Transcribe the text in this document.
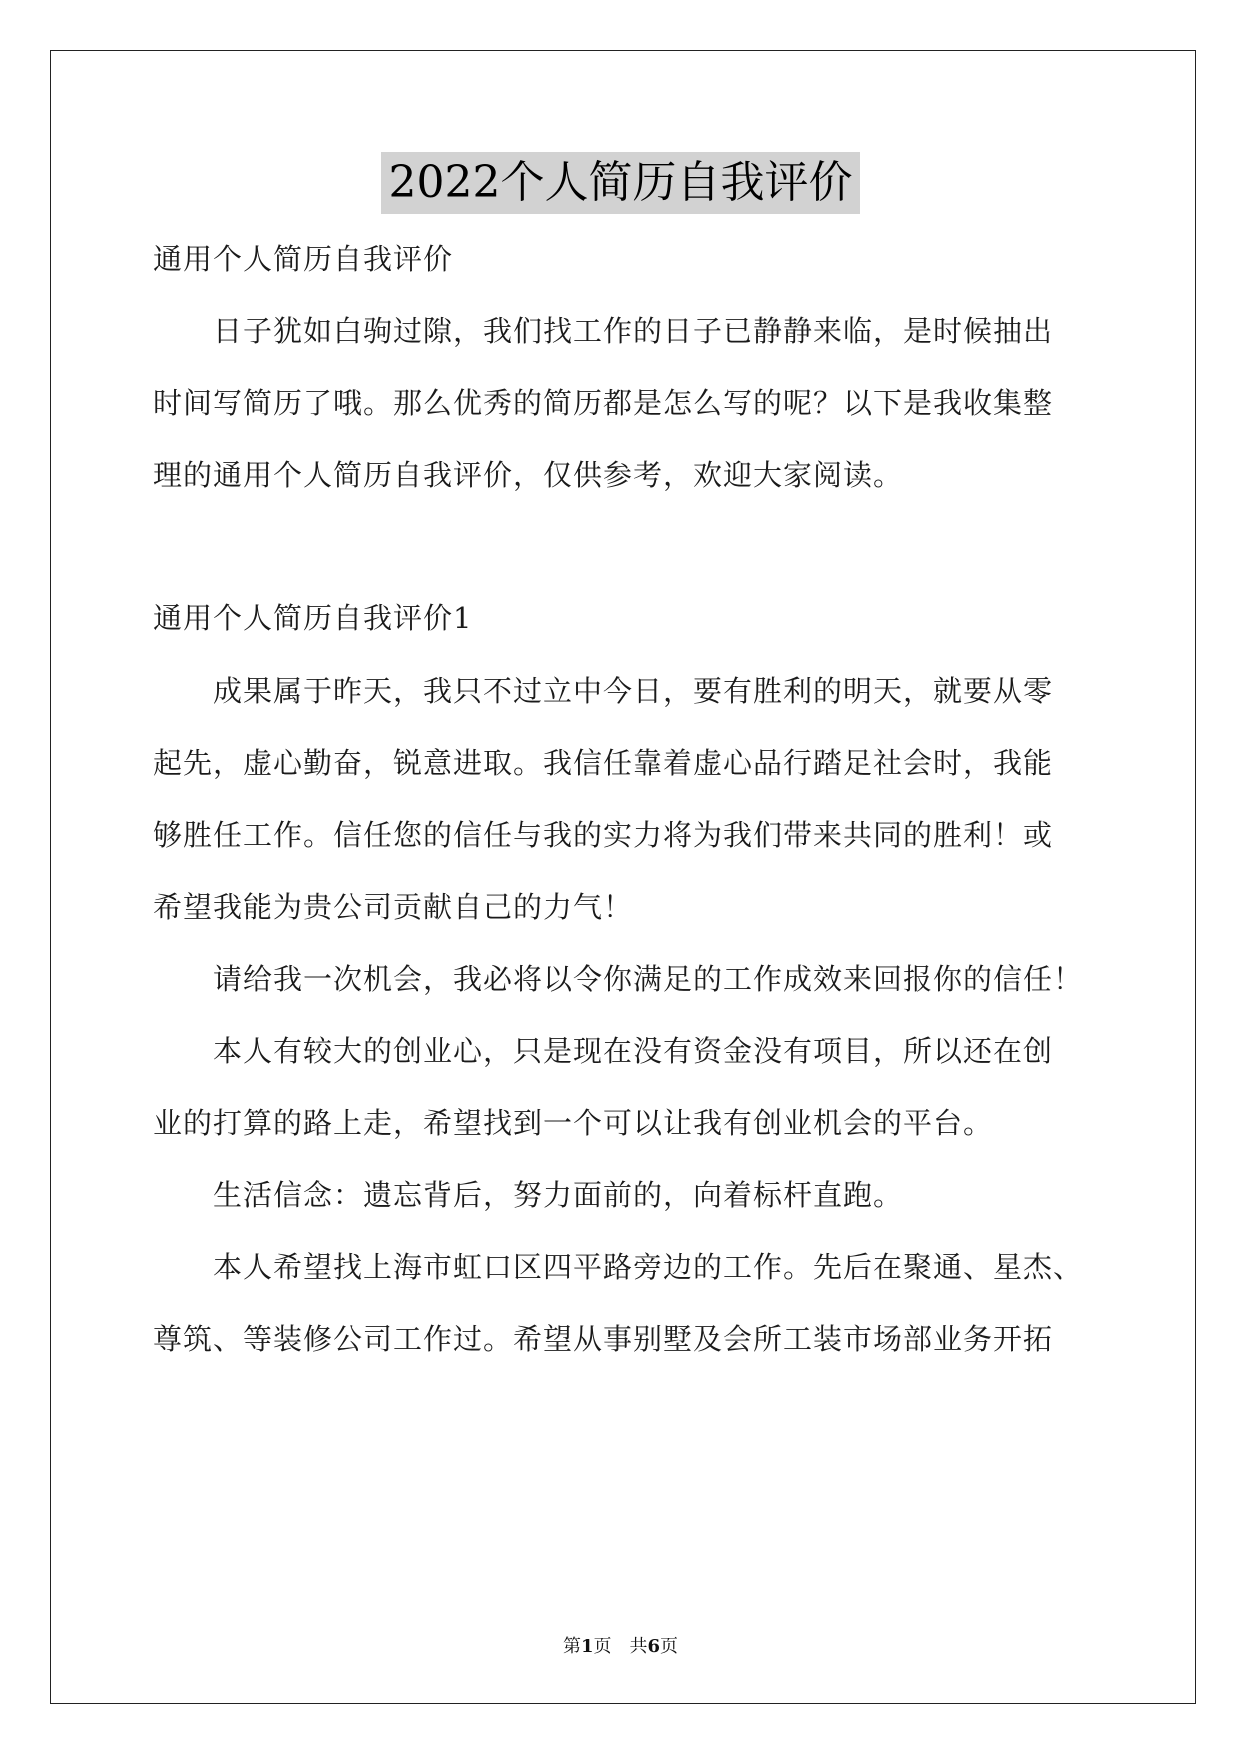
2022个人简历自我评价
通用个人简历自我评价
　　日子犹如白驹过隙，我们找工作的日子已静静来临，是时候抽出
时间写简历了哦。那么优秀的简历都是怎么写的呢？以下是我收集整
理的通用个人简历自我评价，仅供参考，欢迎大家阅读。
通用个人简历自我评价1
　　成果属于昨天，我只不过立中今日，要有胜利的明天，就要从零
起先，虚心勤奋，锐意进取。我信任靠着虚心品行踏足社会时，我能
够胜任工作。信任您的信任与我的实力将为我们带来共同的胜利！或
希望我能为贵公司贡献自己的力气！
　　请给我一次机会，我必将以令你满足的工作成效来回报你的信任！
　　本人有较大的创业心，只是现在没有资金没有项目，所以还在创
业的打算的路上走，希望找到一个可以让我有创业机会的平台。
　　生活信念：遗忘背后，努力面前的，向着标杆直跑。
　　本人希望找上海市虹口区四平路旁边的工作。先后在聚通、星杰、
尊筑、等装修公司工作过。希望从事别墅及会所工装市场部业务开拓
第1页　共6页
